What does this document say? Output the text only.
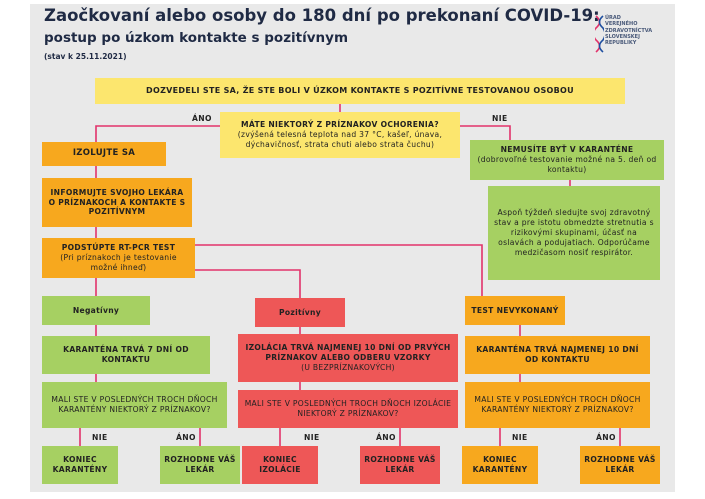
Zaočkovaní alebo osoby do 180 dní po prekonaní COVID-19:
postup po úzkom kontakte s pozitívnym
(stav k 25.11.2021)
ÚRAD
VEREJNÉHO
ZDRAVOTNÍCTVA
SLOVENSKEJ
REPUBLIKY
DOZVEDELI STE SA, ŽE STE BOLI V ÚZKOM KONTAKTE S POZITÍVNE TESTOVANOU OSOBOU
MÁTE NIEKTORÝ Z PRÍZNAKOV OCHORENIA?
(zvýšená telesná teplota nad 37 °C, kašeľ, únava, dýchavičnosť, strata chuti alebo strata čuchu)
ÁNO	NIE
IZOLUJTE SA
INFORMUJTE SVOJHO LEKÁRA O PRÍZNAKOCH A KONTAKTE S POZITÍVNYM
PODSTÚPTE RT-PCR TEST
(Pri príznakoch je testovanie možné ihneď)
NEMUSÍTE BYŤ V KARANTÉNE
(dobrovoľné testovanie možné na 5. deň od kontaktu)
Aspoň týždeň sledujte svoj zdravotný stav a pre istotu obmedzte stretnutia s rizikovými skupinami, účasť na oslavách a podujatiach. Odporúčame medzičasom nosiť respirátor.
Negatívny	Pozitívny	TEST NEVYKONANÝ
KARANTÉNA TRVÁ 7 DNÍ OD KONTAKTU
IZOLÁCIA TRVÁ NAJMENEJ 10 DNÍ OD PRVÝCH PRÍZNAKOV ALEBO ODBERU VZORKY
(U BEZPRÍZNAKOVÝCH)
KARANTÉNA TRVÁ NAJMENEJ 10 DNÍ OD KONTAKTU
MALI STE V POSLEDNÝCH TROCH DŇOCH KARANTÉNY NIEKTORÝ Z PRÍZNAKOV?
MALI STE V POSLEDNÝCH TROCH DŇOCH IZOLÁCIE NIEKTORÝ Z PRÍZNAKOV?
MALI STE V POSLEDNÝCH TROCH DŇOCH KARANTÉNY NIEKTORÝ Z PRÍZNAKOV?
NIE	ÁNO	NIE	ÁNO	NIE	ÁNO
KONIEC KARANTÉNY
ROZHODNE VÁŠ LEKÁR
KONIEC IZOLÁCIE
ROZHODNE VÁŠ LEKÁR
KONIEC KARANTÉNY
ROZHODNE VÁŠ LEKÁR
